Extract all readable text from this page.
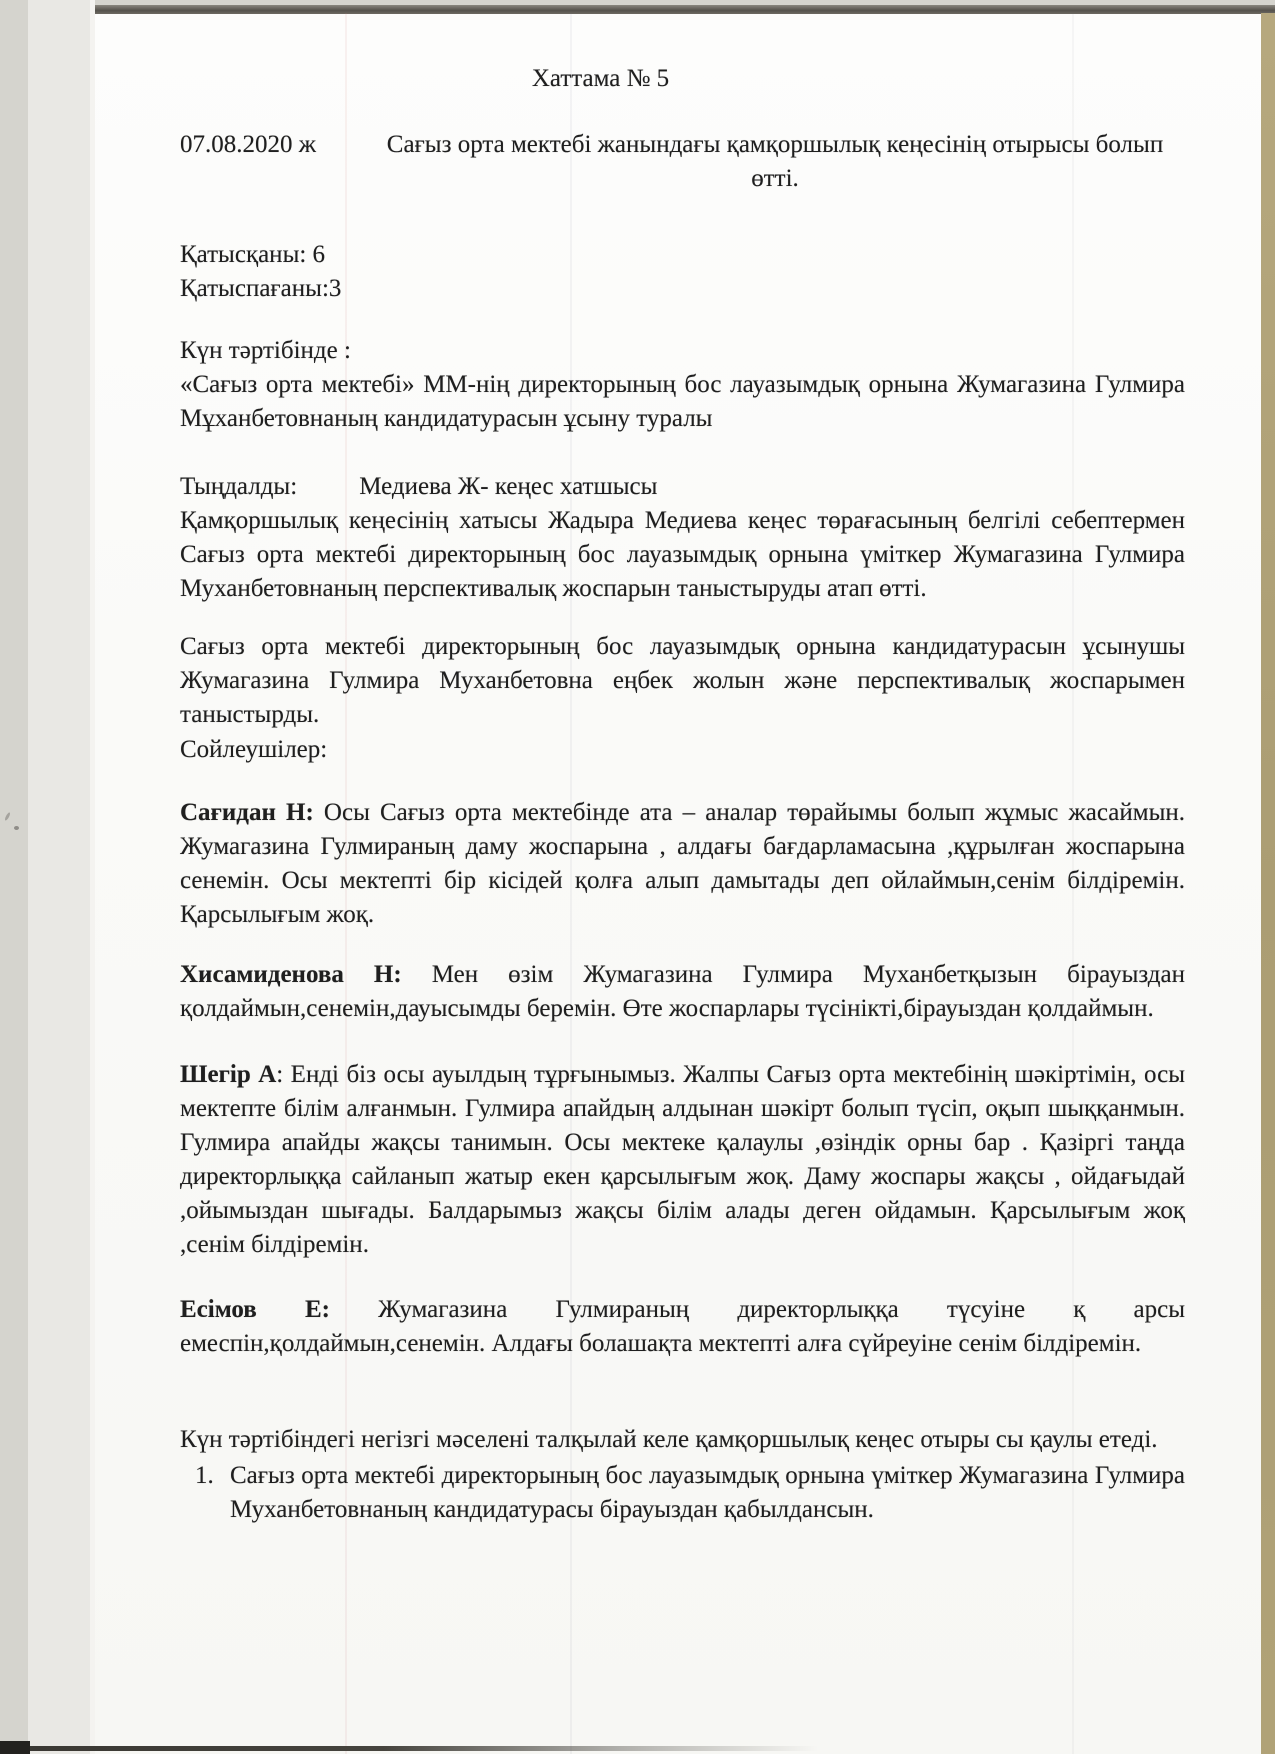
Хаттама № 5
07.08.2020 ж	Сағыз орта мектебі жанындағы қамқоршылық кеңесінің отырысы болып өтті.
Қатысқаны: 6
Қатыспағаны:3
Күн тәртібінде :
«Сағыз орта мектебі» ММ-нің директорының бос лауазымдық орнына Жумагазина Гулмира Мұханбетовнаның кандидатурасын ұсыну туралы
Тыңдалды: Медиева Ж- кеңес хатшысы
Қамқоршылық кеңесінің хатысы Жадыра Медиева кеңес төрағасының белгілі себептермен Сағыз орта мектебі директорының бос лауазымдық орнына үміткер Жумагазина Гулмира Муханбетовнаның перспективалық жоспарын таныстыруды атап өтті.
Сағыз орта мектебі директорының бос лауазымдық орнына кандидатурасын ұсынушы Жумагазина Гулмира Муханбетовна еңбек жолын және перспективалық жоспарымен таныстырды.
Сойлеушілер:
Сағидан Н: Осы Сағыз орта мектебінде ата – аналар төрайымы болып жұмыс жасаймын. Жумагазина Гулмираның даму жоспарына , алдағы бағдарламасына ,құрылған жоспарына сенемін. Осы мектепті бір кісідей қолға алып дамытады деп ойлаймын,сенім білдіремін. Қарсылығым жоқ.
Хисамиденова Н: Мен өзім Жумагазина Гулмира Муханбетқызын бірауыздан қолдаймын,сенемін,дауысымды беремін. Өте жоспарлары түсінікті,бірауыздан қолдаймын.
Шегір А: Енді біз осы ауылдың тұрғынымыз. Жалпы Сағыз орта мектебінің шәкіртімін, осы мектепте білім алғанмын. Гулмира апайдың алдынан шәкірт болып түсіп, оқып шыққанмын. Гулмира апайды жақсы танимын. Осы мектеке қалаулы ,өзіндік орны бар . Қазіргі таңда директорлыққа сайланып жатыр екен қарсылығым жоқ. Даму жоспары жақсы , ойдағыдай ,ойымыздан шығады. Балдарымыз жақсы білім алады деген ойдамын. Қарсылығым жоқ ,сенім білдіремін.
Есімов Е: Жумагазина Гулмираның директорлыққа түсуіне қ арсы емеспін,қолдаймын,сенемін. Алдағы болашақта мектепті алға сүйреуіне сенім білдіремін.
Күн тәртібіндегі негізгі мәселені талқылай келе қамқоршылық кеңес отыры сы қаулы етеді.
1. Сағыз орта мектебі директорының бос лауазымдық орнына үміткер Жумагазина Гулмира Муханбетовнаның кандидатурасы бірауыздан қабылдансын.
